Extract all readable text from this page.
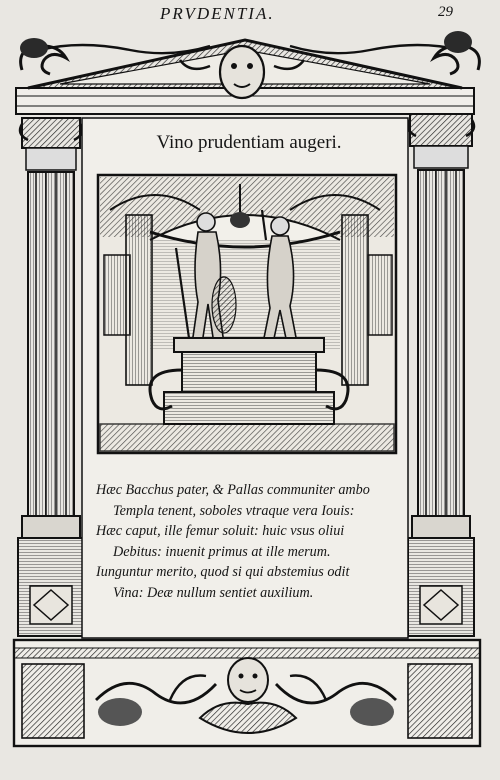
PRVDENTIA.	29
Vino prudentiam augeri.
Hæc Bacchus pater, & Pallas communiter ambo
Templa tenent, soboles vtraque vera Iouis:
Hæc caput, ille femur soluit: huic vsus oliui
Debitus: inuenit primus at ille merum.
Iunguntur merito, quod si qui abstemius odit
Vina: Deæ nullum sentiet auxilium.
